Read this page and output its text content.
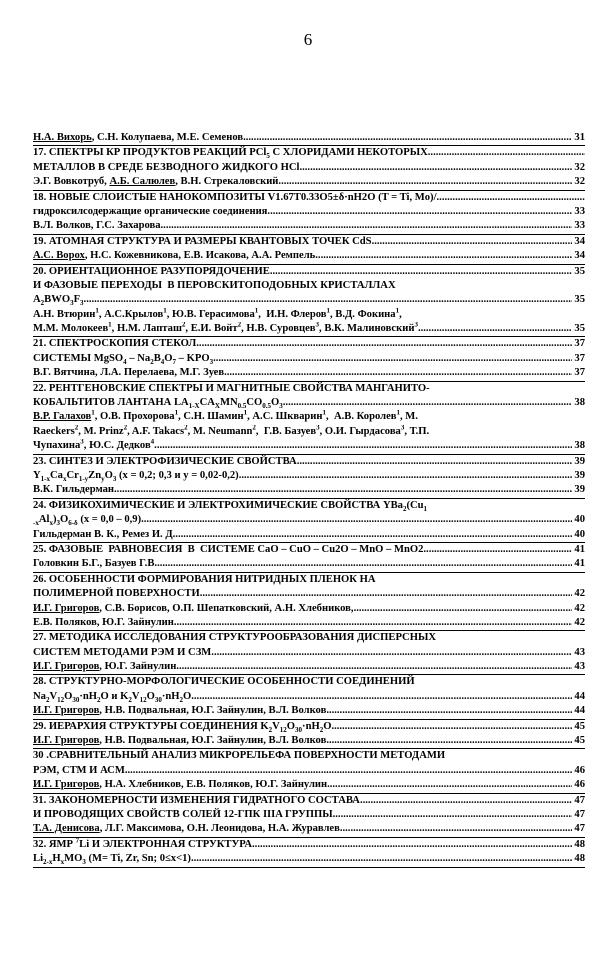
6
Н.А. Вихорь, С.Н. Колупаева, М.Е. Семенов .....	31
17. СПЕКТРЫ КР ПРОДУКТОВ РЕАКЦИЙ PCl$_5$ С ХЛОРИДАМИ НЕКОТОРЫХ
.....
МЕТАЛЛОВ В СРЕДЕ БЕЗВОДНОГО ЖИДКОГО HCl .....	32
Э.Г. Вовкотруб, А.Б. Салюлев, В.Н. Стрекаловский .....	32
18. НОВЫЕ СЛОИСТЫЕ НАНОКОМПОЗИТЫ V1.67T0.33O5±δ·nH2O (T = Ti, Mo)/
.....
гидроксилсодержащие органические соединения .....	33
В.Л. Волков, Г.С. Захарова .....	33
19. АТОМНАЯ СТРУКТУРА И РАЗМЕРЫ КВАНТОВЫХ ТОЧЕК CdS .....	34
А.С. Ворох, Н.С. Кожевникова, Е.В. Исакова, А.А. Ремпель .....	34
20. ОРИЕНТАЦИОННОЕ РАЗУПОРЯДОЧЕНИЕ .....	35
И ФАЗОВЫЕ ПЕРЕХОДЫ  В ПЕРОВСКИТОПОДОБНЫХ КРИСТАЛЛАХ
$A_2BWO_3F_3$ .....	35
А.Н. Втюрин$^1$, А.С.Крылов$^1$, Ю.В. Герасимова$^1$,  И.Н. Флеров$^1$, В.Д. Фокина$^1$,
М.М. Молокеев$^1$, Н.М. Лапташ$^2$, Е.И. Войт$^2$, Н.В. Суровцев$^3$, В.К. Малиновский$^3$ .....	35
21. СПЕКТРОСКОПИЯ СТЕКОЛ .....	37
СИСТЕМЫ MgSO$_4$ – $Na_2B_4O_7 - KPO_3$ .....	37
В.Г. Вятчина, Л.А. Перелаева, М.Г. Зуев .....	37
22. РЕНТГЕНОВСКИЕ СПЕКТРЫ И МАГНИТНЫЕ СВОЙСТВА МАНГАНИТО-
КОБАЛЬТИТОВ ЛАНТАНА $LA_{1-X}CA_XMN_{0.5}CO_{0.5}O_3$ .....	38
В.Р. Галахов$^1$, О.В. Прохорова$^1$, С.Н. Шамин$^1$, А.С. Шкварин$^1$,  А.В. Королев$^1$, М.
Raeckers$^2$, M. Prinz$^2$, A.F. Takacs$^2$, M. Neumann$^2$,  Г.В. Базуев$^3$, О.И. Гырдасова$^3$, Т.П.
Чупахина$^3$, Ю.С. Дедков$^4$ .....	38
23. СИНТЕЗ И ЭЛЕКТРОФИЗИЧЕСКИЕ СВОЙСТВА .....	39
$Y_{1-x}Ca_xCr_{1-y}Zn_yO_3$ (x = 0,2; 0,3 и y = 0,02-0,2) .....	39
В.К. Гильдерман .....	39
24. ФИЗИКОХИМИЧЕСКИЕ И ЭЛЕКТРОХИМИЧЕСКИЕ СВОЙСТВА $YBa_2(Cu_1$
$_{-x}Al_x)_3O_{6-\delta}$ (x = 0,0 – 0,9) .....	40
Гильдерман В. К., Ремез И. Д. .....	40
25. ФАЗОВЫЕ  РАВНОВЕСИЯ  В  СИСТЕМЕ CaO – CuO – Cu2O – MnO – MnO2 .....	41
Головкин Б.Г., Базуев Г.В. .....	41
26. ОСОБЕННОСТИ ФОРМИРОВАНИЯ НИТРИДНЫХ ПЛЕНОК НА
ПОЛИМЕРНОЙ ПОВЕРХНОСТИ .....	42
И.Г. Григоров, С.В. Борисов, О.П. Шепатковский, А.Н. Хлебников, .....	42
Е.В. Поляков, Ю.Г. Зайнулин .....	42
27. МЕТОДИКА ИССЛЕДОВАНИЯ СТРУКТУРООБРАЗОВАНИЯ ДИСПЕРСНЫХ
СИСТЕМ МЕТОДАМИ РЭМ И СЗМ .....	43
И.Г. Григоров, Ю.Г. Зайнулин .....	43
28. СТРУКТУРНО-МОРФОЛОГИЧЕСКИЕ ОСОБЕННОСТИ СОЕДИНЕНИЙ
$Na_2V_{12}O_{30}\cdot nH_2O$ и $K_2V_{12}O_{30}\cdot nH_2O$ .....	44
И.Г. Григоров, Н.В. Подвальная, Ю.Г. Зайнулин, В.Л. Волков .....	44
29. ИЕРАРХИЯ СТРУКТУРЫ СОЕДИНЕНИЯ $K_2V_{12}O_{30}\cdot nH_2O$ .....	45
И.Г. Григоров, Н.В. Подвальная, Ю.Г. Зайнулин, В.Л. Волков .....	45
30 .СРАВНИТЕЛЬНЫЙ АНАЛИЗ МИКРОРЕЛЬЕФА ПОВЕРХНОСТИ МЕТОДАМИ
РЭМ, СТМ И АСМ .....	46
И.Г. Григоров, Н.А. Хлебников, Е.В. Поляков, Ю.Г. Зайнулин .....	46
31. ЗАКОНОМЕРНОСТИ ИЗМЕНЕНИЯ ГИДРАТНОГО СОСТАВА .....	47
И ПРОВОДЯЩИХ СВОЙСТВ СОЛЕЙ 12-ГПК IIIA ГРУППЫ .....	47
Т.А. Денисова, Л.Г. Максимова, О.Н. Леонидова, Н.А. Журавлев .....	47
32. ЯМР $^7$Li И ЭЛЕКТРОННАЯ СТРУКТУРА .....	48
$Li_{2-x}H_xMO_3$ (M= Ti, Zr, Sn; 0≤x<1) .....	48
